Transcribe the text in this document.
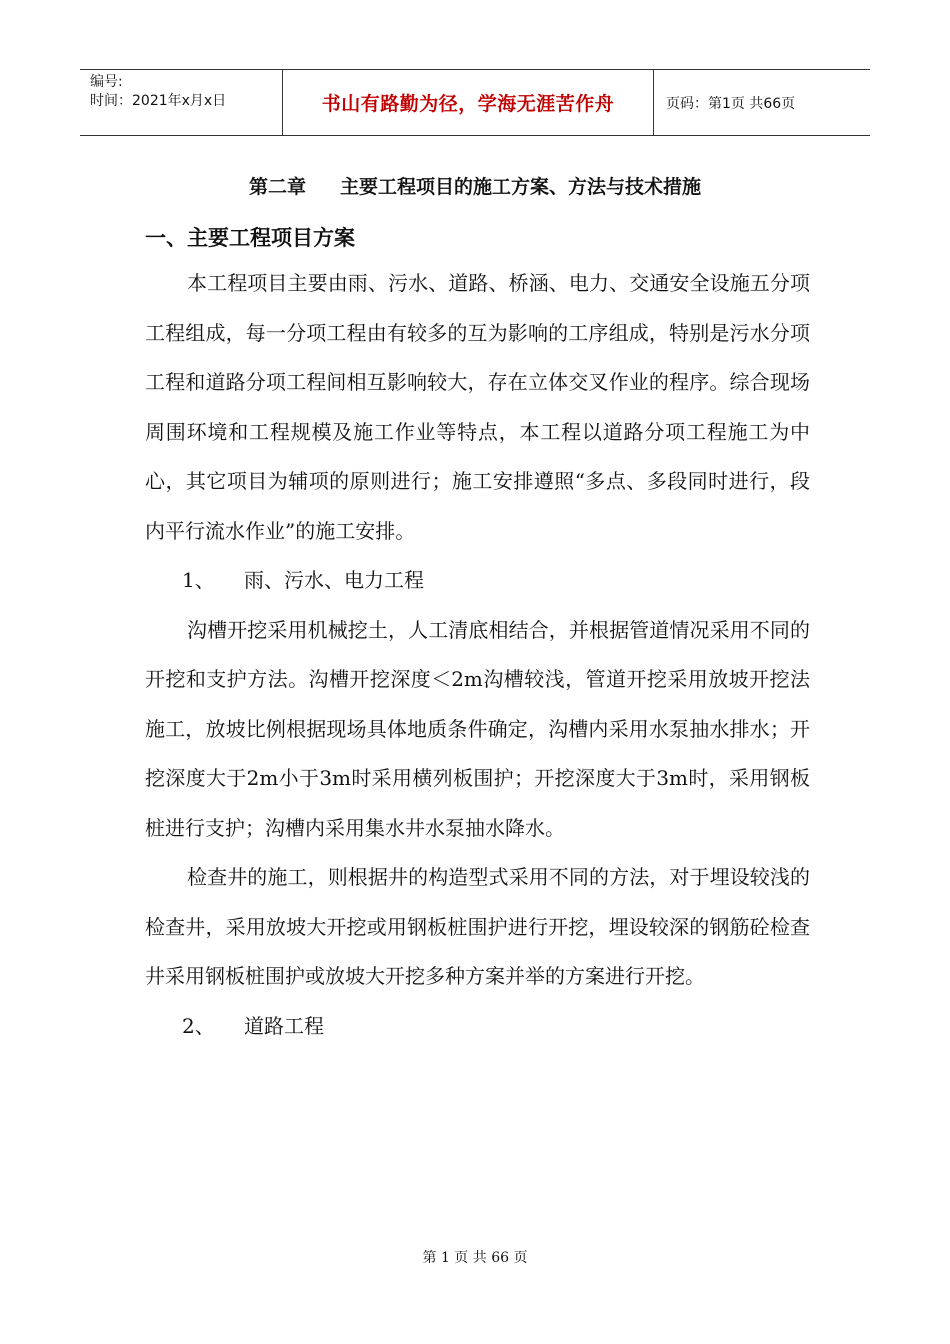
编号:
时间：2021年x月x日	书山有路勤为径，学海无涯苦作舟	页码：第1页 共66页
第二章 主要工程项目的施工方案、方法与技术措施
一、主要工程项目方案

本工程项目主要由雨、污水、道路、桥涵、电力、交通安全设施五分项工程组成，每一分项工程由有较多的互为影响的工序组成，特别是污水分项工程和道路分项工程间相互影响较大，存在立体交叉作业的程序。综合现场周围环境和工程规模及施工作业等特点，本工程以道路分项工程施工为中心，其它项目为辅项的原则进行；施工安排遵照“多点、多段同时进行，段内平行流水作业”的施工安排。

1、 雨、污水、电力工程

沟槽开挖采用机械挖土，人工清底相结合，并根据管道情况采用不同的开挖和支护方法。沟槽开挖深度＜2m沟槽较浅，管道开挖采用放坡开挖法施工，放坡比例根据现场具体地质条件确定，沟槽内采用水泵抽水排水；开挖深度大于2m小于3m时采用横列板围护；开挖深度大于3m时，采用钢板桩进行支护；沟槽内采用集水井水泵抽水降水。

检查井的施工，则根据井的构造型式采用不同的方法，对于埋设较浅的检查井，采用放坡大开挖或用钢板桩围护进行开挖，埋设较深的钢筋砼检查井采用钢板桩围护或放坡大开挖多种方案并举的方案进行开挖。

2、 道路工程

第 1 页 共 66 页
